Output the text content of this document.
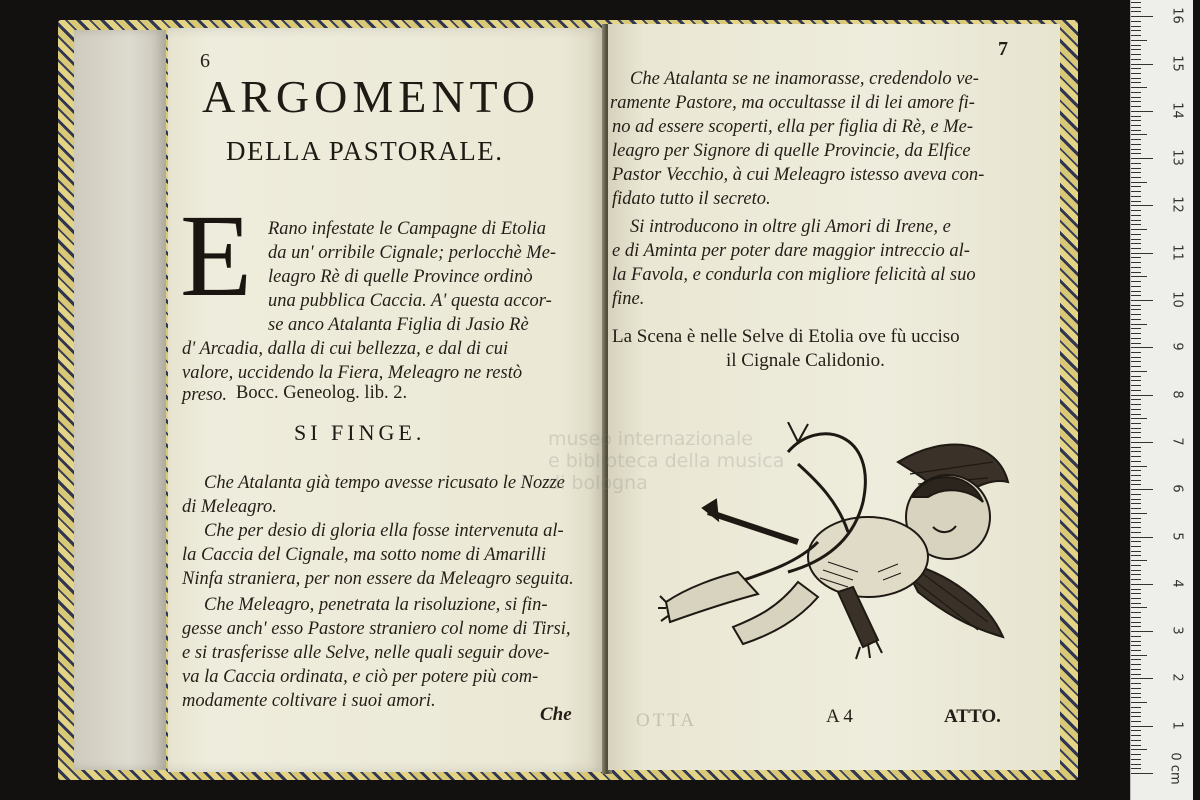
6
ARGOMENTO
DELLA PASTORALE.
E Rano infestate le Campagne di Etolia
da un' orribile Cignale; perlocchè Me-
leagro Rè di quelle Province ordinò
una pubblica Caccia. A' questa accor-
se anco Atalanta Figlia di Jasio Rè
d' Arcadia, dalla di cui bellezza, e dal di cui
valore, uccidendo la Fiera, Meleagro ne restò
preso. Bocc. Geneolog. lib. 2.
SI FINGE.
Che Atalanta già tempo avesse ricusato le Nozze
di Meleagro.
Che per desio di gloria ella fosse intervenuta al-
la Caccia del Cignale, ma sotto nome di Amarilli
Ninfa straniera, per non essere da Meleagro seguita.
Che Meleagro, penetrata la risoluzione, si fin-
gesse anch' esso Pastore straniero col nome di Tirsi,
e si trasferisse alle Selve, nelle quali seguir dove-
va la Caccia ordinata, e ciò per potere più com-
modamente coltivare i suoi amori.
Che
7
Che Atalanta se ne inamorasse, credendolo ve-
ramente Pastore, ma occultasse il di lei amore fi-
no ad essere scoperti, ella per figlia di Rè, e Me-
leagro per Signore di quelle Provincie, da Elfice
Pastor Vecchio, à cui Meleagro istesso aveva con-
fidato tutto il secreto.
Si introducono in oltre gli Amori di Irene, e
e di Aminta per poter dare maggior intreccio al-
la Favola, e condurla con migliore felicità al suo
fine.
La Scena è nelle Selve di Etolia ove fù ucciso
il Cignale Calidonio.
OTTA	A 4	ATTO.
museo internazionale
e biblioteca della musica
di bologna
0 cm
1
2
3
4
5
6
7
8
9
10
11
12
13
14
15
16
